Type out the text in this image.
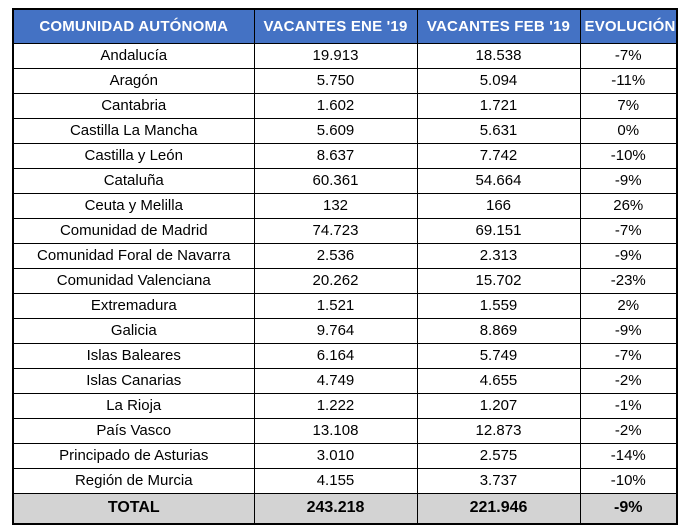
COMUNIDAD AUTÓNOMA	VACANTES ENE '19	VACANTES FEB '19	EVOLUCIÓN
Andalucía	19.913	18.538	-7%
Aragón	5.750	5.094	-11%
Cantabria	1.602	1.721	7%
Castilla La Mancha	5.609	5.631	0%
Castilla y León	8.637	7.742	-10%
Cataluña	60.361	54.664	-9%
Ceuta y Melilla	132	166	26%
Comunidad de Madrid	74.723	69.151	-7%
Comunidad Foral de Navarra	2.536	2.313	-9%
Comunidad Valenciana	20.262	15.702	-23%
Extremadura	1.521	1.559	2%
Galicia	9.764	8.869	-9%
Islas Baleares	6.164	5.749	-7%
Islas Canarias	4.749	4.655	-2%
La Rioja	1.222	1.207	-1%
País Vasco	13.108	12.873	-2%
Principado de Asturias	3.010	2.575	-14%
Región de Murcia	4.155	3.737	-10%
TOTAL	243.218	221.946	-9%
